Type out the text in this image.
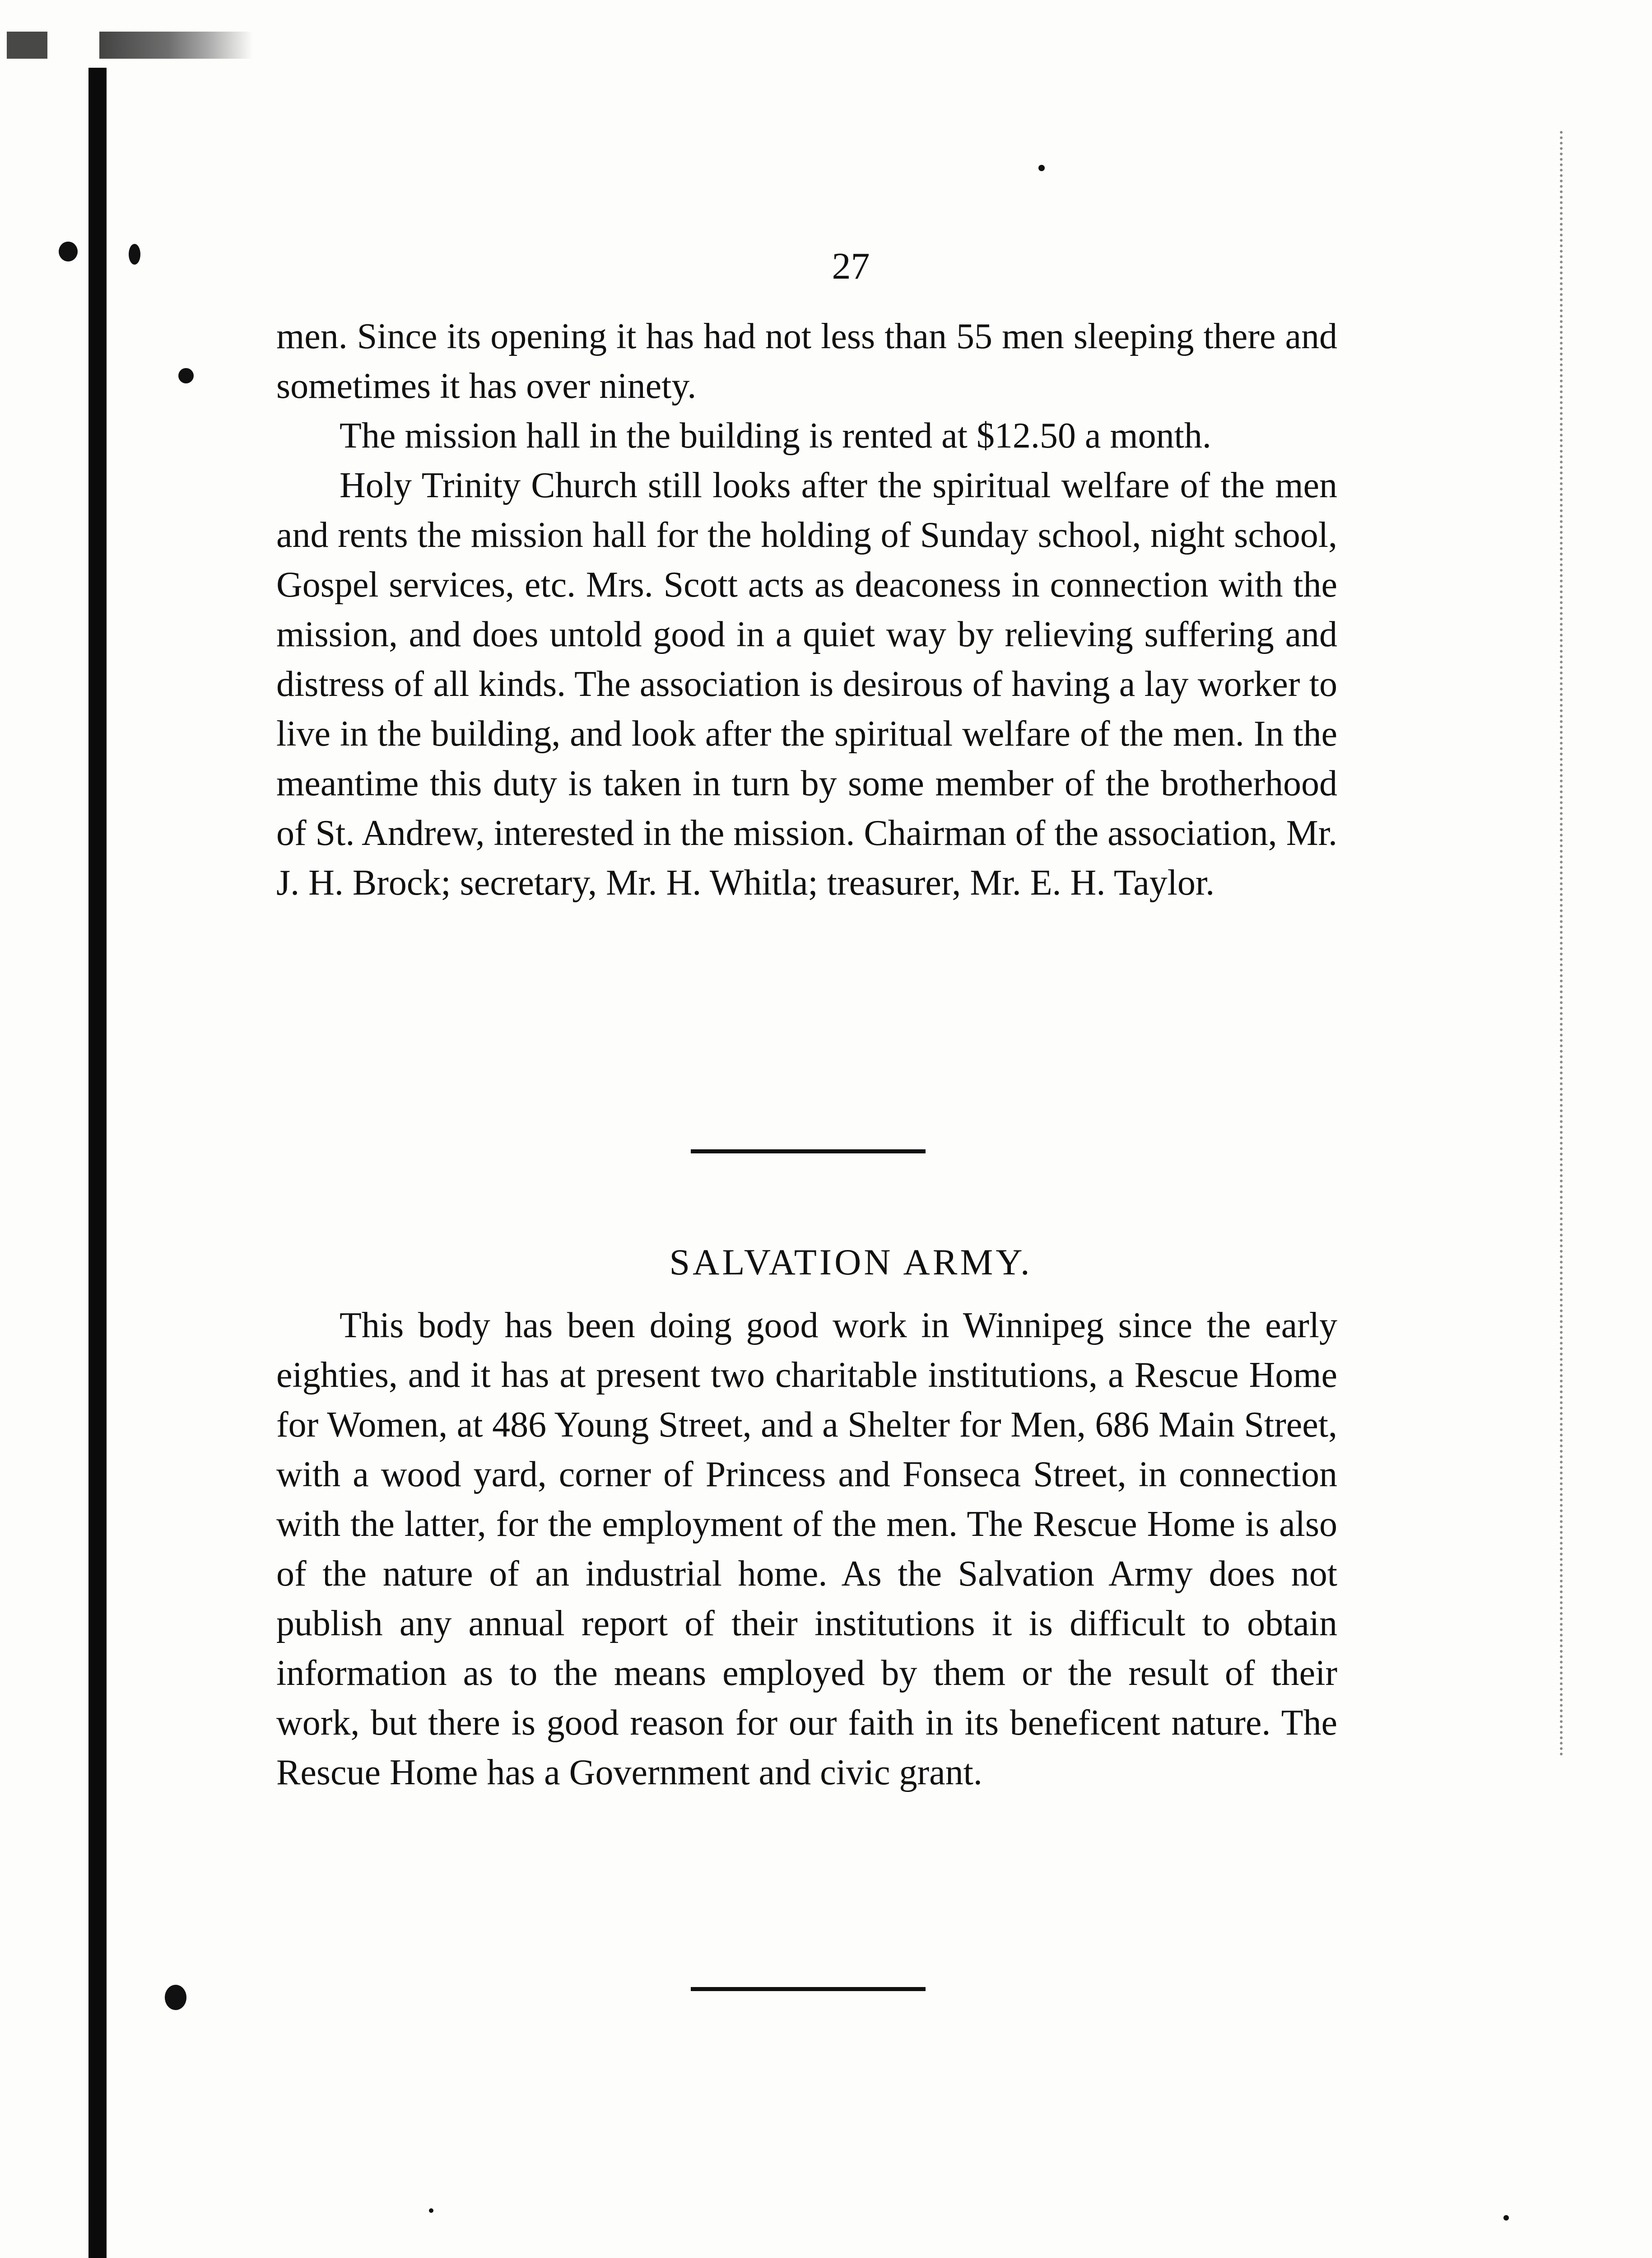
27

men. Since its opening it has had not less than 55 men sleeping there and sometimes it has over ninety.

The mission hall in the building is rented at $12.50 a month.

Holy Trinity Church still looks after the spiritual welfare of the men and rents the mission hall for the holding of Sunday school, night school, Gospel services, etc. Mrs. Scott acts as deaconess in connection with the mission, and does untold good in a quiet way by relieving suffering and distress of all kinds. The association is desirous of having a lay worker to live in the building, and look after the spiritual welfare of the men. In the meantime this duty is taken in turn by some member of the brotherhood of St. Andrew, interested in the mission. Chairman of the association, Mr. J. H. Brock; secretary, Mr. H. Whitla; treasurer, Mr. E. H. Taylor.

SALVATION ARMY.

This body has been doing good work in Winnipeg since the early eighties, and it has at present two charitable institutions, a Rescue Home for Women, at 486 Young Street, and a Shelter for Men, 686 Main Street, with a wood yard, corner of Princess and Fonseca Street, in connection with the latter, for the employment of the men. The Rescue Home is also of the nature of an industrial home. As the Salvation Army does not publish any annual report of their institutions it is difficult to obtain information as to the means employed by them or the result of their work, but there is good reason for our faith in its beneficent nature. The Rescue Home has a Government and civic grant.
